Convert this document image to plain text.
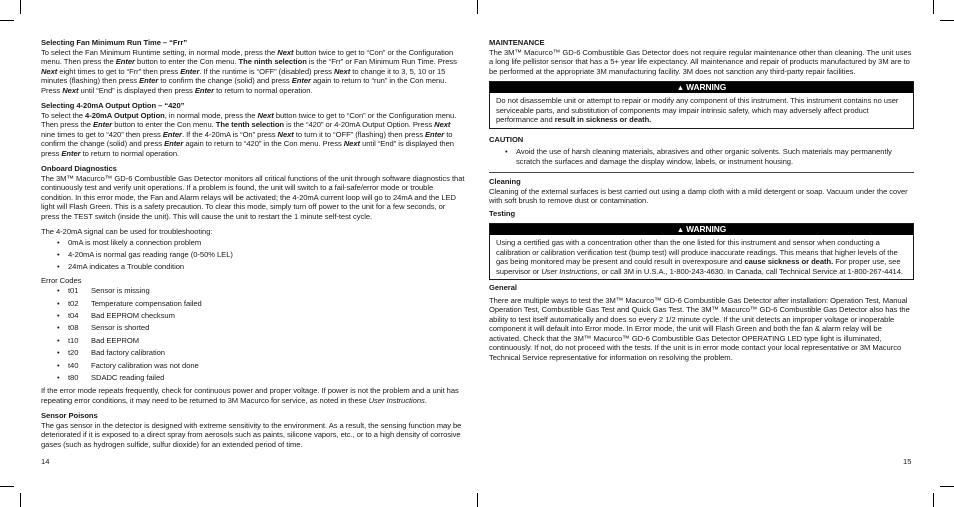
Selecting Fan Minimum Run Time – “Frr”

To select the Fan Minimum Runtime setting, in normal mode, press the Next button twice to get to “Con” or the Configuration menu. Then press the Enter button to enter the Con menu. The ninth selection is the “Frr” or Fan Minimum Run Time. Press Next eight times to get to “Frr” then press Enter. If the runtime is “OFF” (disabled) press Next to change it to 3, 5, 10 or 15 minutes (flashing) then press Enter to confirm the change (solid) and press Enter again to return to “run” in the Con menu. Press Next until “End” is displayed then press Enter to return to normal operation.

Selecting 4-20mA Output Option – “420”

To select the 4-20mA Output Option, in normal mode, press the Next button twice to get to “Con” or the Configuration menu. Then press the Enter button to enter the Con menu. The tenth selection is the “420” or 4-20mA Output Option. Press Next nine times to get to “420” then press Enter. If the 4-20mA is “On” press Next to turn it to “OFF” (flashing) then press Enter to confirm the change (solid) and press Enter again to return to “420” in the Con menu. Press Next until “End” is displayed then press Enter to return to normal operation.

Onboard Diagnostics

The 3M™ Macurco™ GD-6 Combustible Gas Detector monitors all critical functions of the unit through software diagnostics that continuously test and verify unit operations. If a problem is found, the unit will switch to a fail-safe/error mode or trouble condition. In this error mode, the Fan and Alarm relays will be activated; the 4-20mA current loop will go to 24mA and the LED light will Flash Green. This is a safety precaution. To clear this mode, simply turn off power to the unit for a few seconds, or press the TEST switch (inside the unit). This will cause the unit to restart the 1 minute self-test cycle.

The 4-20mA signal can be used for troubleshooting:

• 0mA is most likely a connection problem
• 4-20mA is normal gas reading range (0-50% LEL)
• 24mA indicates a Trouble condition

Error Codes

• t01 Sensor is missing
• t02 Temperature compensation failed
• t04 Bad EEPROM checksum
• t08 Sensor is shorted
• t10 Bad EEPROM
• t20 Bad factory calibration
• t40 Factory calibration was not done
• t80 SDADC reading failed

If the error mode repeats frequently, check for continuous power and proper voltage. If power is not the problem and a unit has repeating error conditions, it may need to be returned to 3M Macurco for service, as noted in these User Instructions.

Sensor Poisons

The gas sensor in the detector is designed with extreme sensitivity to the environment. As a result, the sensing function may be deteriorated if it is exposed to a direct spray from aerosols such as paints, silicone vapors, etc., or to a high density of corrosive gases (such as hydrogen sulfide, sulfur dioxide) for an extended period of time.

14
MAINTENANCE

The 3M™ Macurco™ GD-6 Combustible Gas Detector does not require regular maintenance other than cleaning. The unit uses a long life pellistor sensor that has a 5+ year life expectancy. All maintenance and repair of products manufactured by 3M are to be performed at the appropriate 3M manufacturing facility. 3M does not sanction any third-party repair facilities.

▲ WARNING
Do not disassemble unit or attempt to repair or modify any component of this instrument. This instrument contains no user serviceable parts, and substitution of components may impair intrinsic safety, which may adversely affect product performance and result in sickness or death.
CAUTION
• Avoid the use of harsh cleaning materials, abrasives and other organic solvents. Such materials may permanently scratch the surfaces and damage the display window, labels, or instrument housing.
Cleaning

Cleaning of the external surfaces is best carried out using a damp cloth with a mild detergent or soap. Vacuum under the cover with soft brush to remove dust or contamination.

Testing
▲ WARNING
Using a certified gas with a concentration other than the one listed for this instrument and sensor when conducting a calibration or calibration verification test (bump test) will produce inaccurate readings. This means that higher levels of the gas being monitored may be present and could result in overexposure and cause sickness or death. For proper use, see supervisor or User Instructions, or call 3M in U.S.A., 1-800-243-4630. In Canada, call Technical Service at 1-800-267-4414.
General

There are multiple ways to test the 3M™ Macurco™ GD-6 Combustible Gas Detector after installation: Operation Test, Manual Operation Test, Combustible Gas Test and Quick Gas Test. The 3M™ Macurco™ GD-6 Combustible Gas Detector also has the ability to test itself automatically and does so every 2 1/2 minute cycle. If the unit detects an improper voltage or inoperable component it will default into Error mode. In Error mode, the unit will Flash Green and both the fan & alarm relay will be activated. Check that the 3M™ Macurco™ GD-6 Combustible Gas Detector OPERATING LED type light is illuminated, continuously. If not, do not proceed with the tests. If the unit is in error mode contact your local representative or 3M Macurco Technical Service representative for information on resolving the problem.

15
